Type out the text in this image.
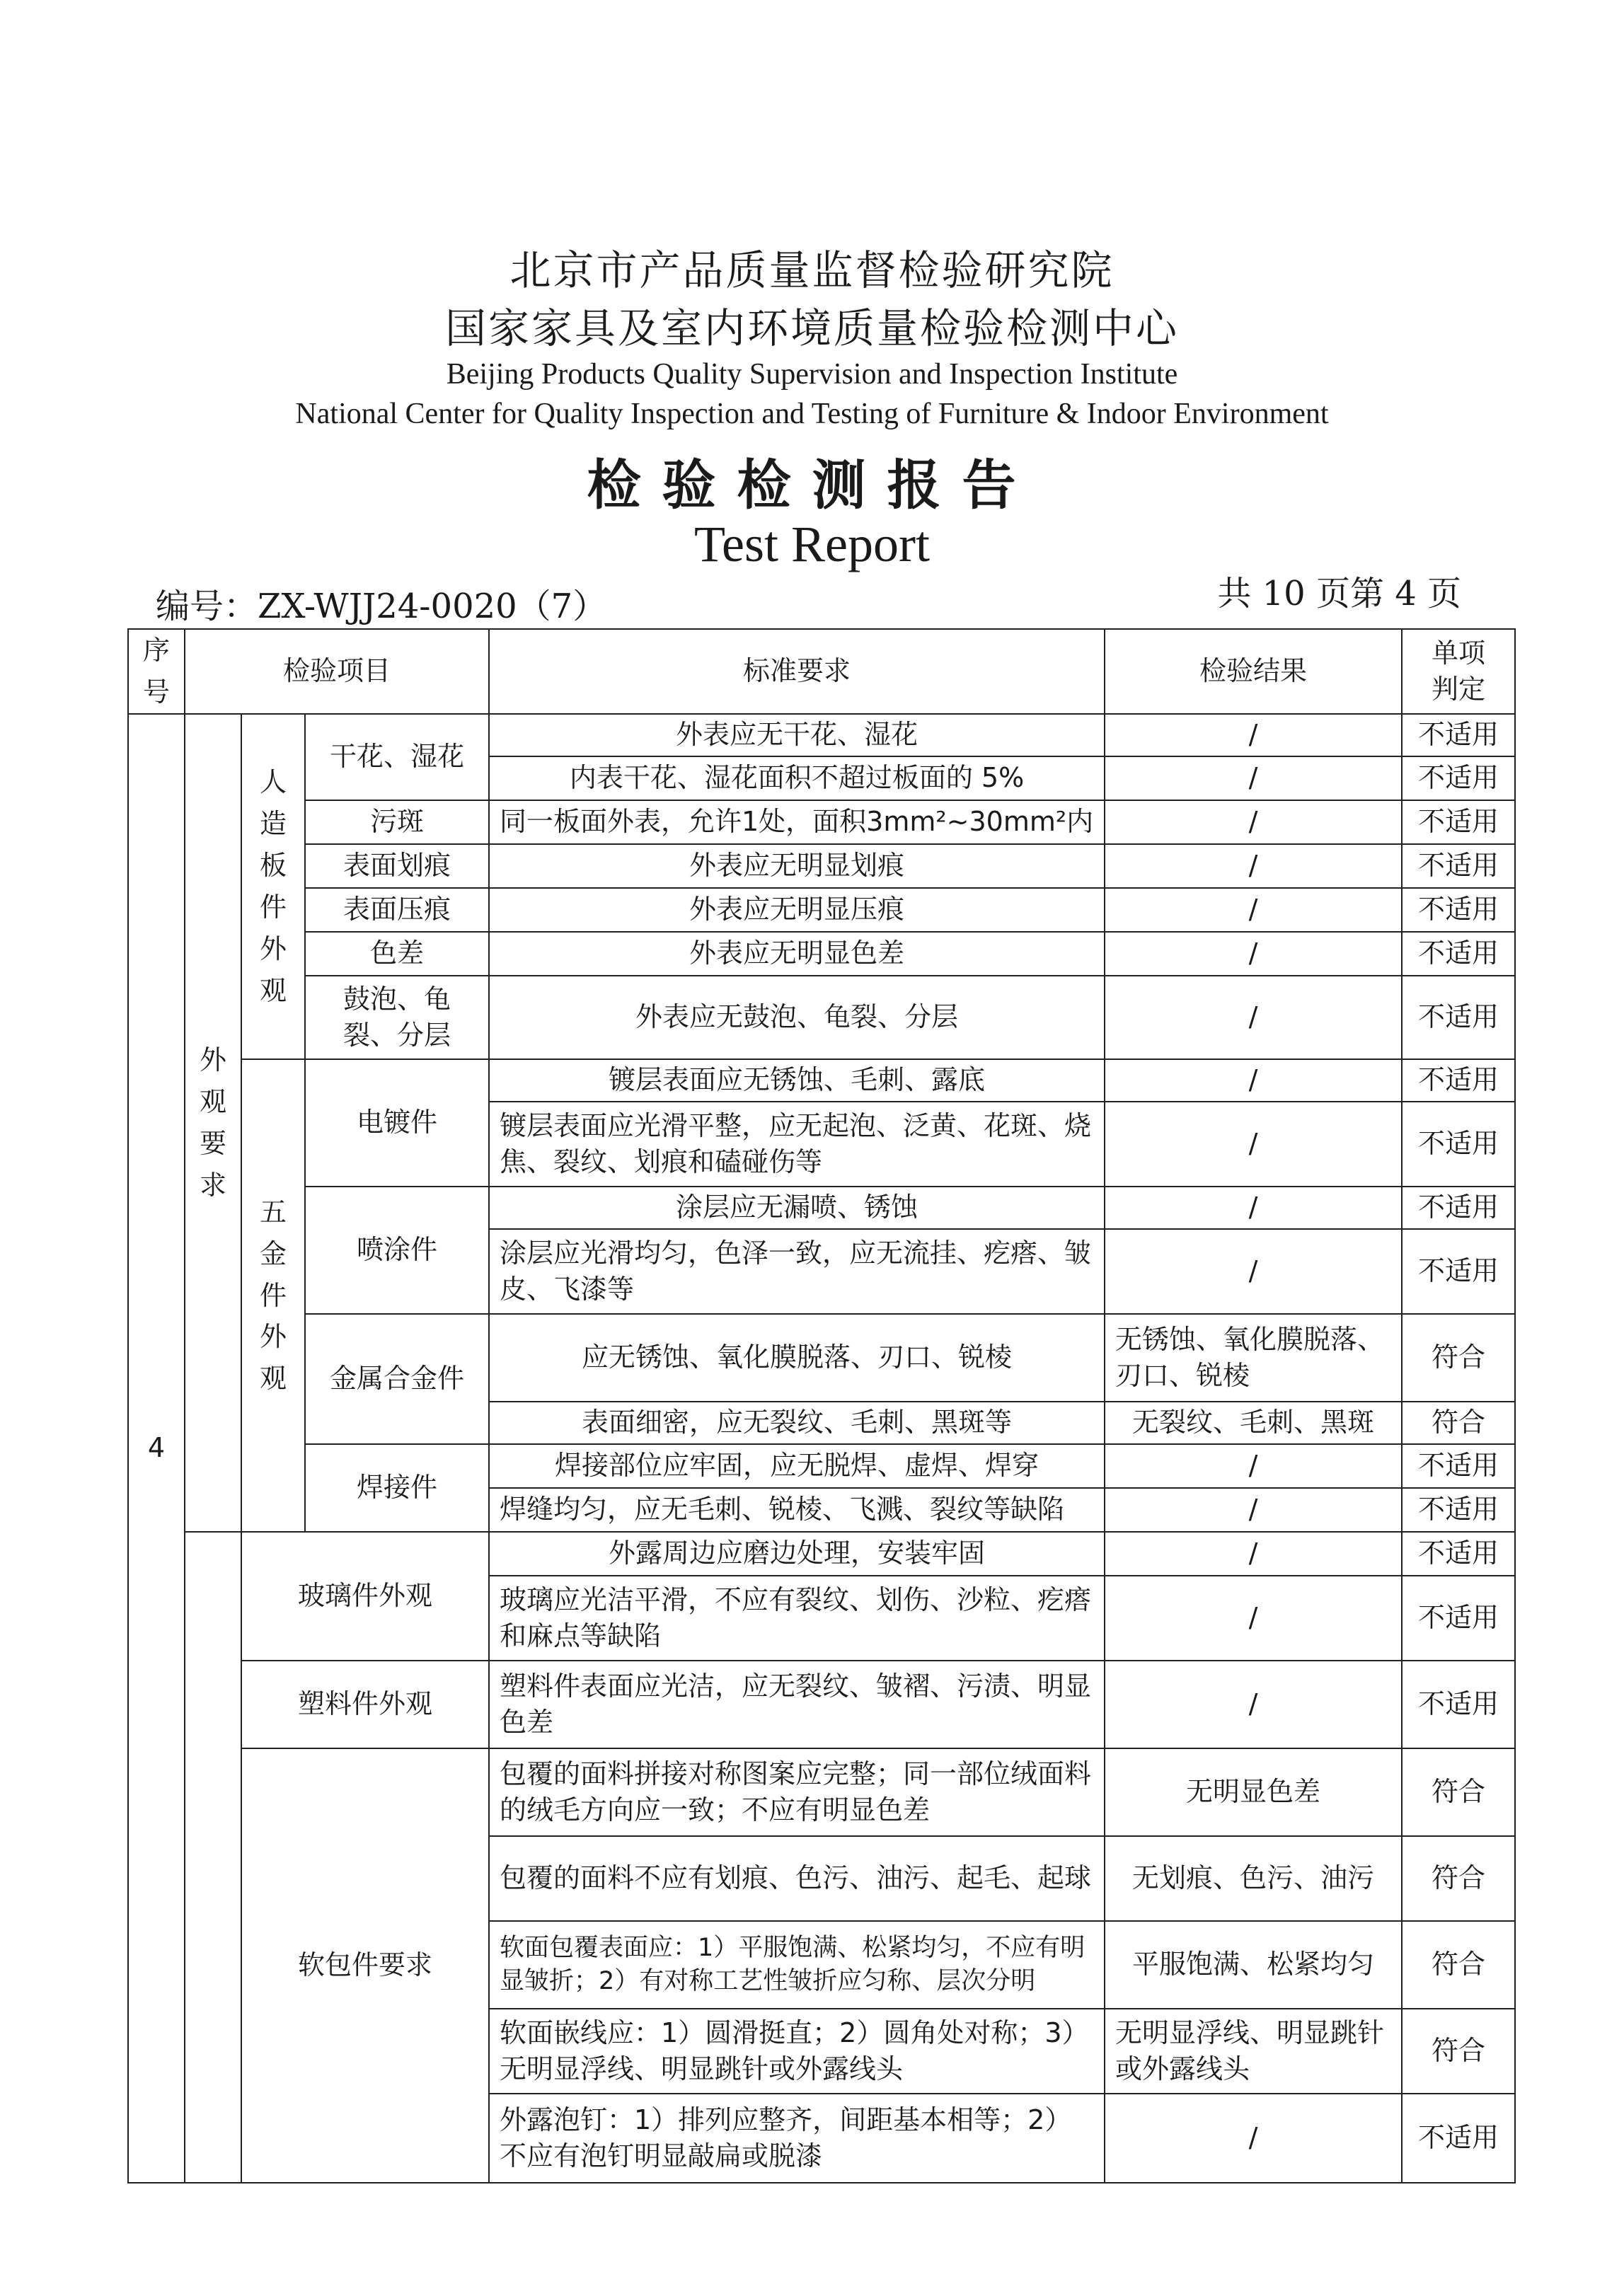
北京市产品质量监督检验研究院
国家家具及室内环境质量检验检测中心
Beijing Products Quality Supervision and Inspection Institute
National Center for Quality Inspection and Testing of Furniture & Indoor Environment
检验检测报告
Test Report
编号：ZX-WJJ24-0020（7）	共 10 页第 4 页
序号	检验项目			标准要求	检验结果	单项判定
4	外观要求	人造板件外观	干花、湿花	外表应无干花、湿花	/	不适用
				内表干花、湿花面积不超过板面的 5%	/	不适用
			污斑	同一板面外表，允许1处，面积3mm²~30mm²内	/	不适用
			表面划痕	外表应无明显划痕	/	不适用
			表面压痕	外表应无明显压痕	/	不适用
			色差	外表应无明显色差	/	不适用
			鼓泡、龟裂、分层	外表应无鼓泡、龟裂、分层	/	不适用

		五金件外观	电镀件	镀层表面应无锈蚀、毛刺、露底	/	不适用
				镀层表面应光滑平整，应无起泡、泛黄、花斑、烧焦、裂纹、划痕和磕碰伤等	/	不适用
			喷涂件	涂层应无漏喷、锈蚀	/	不适用
				涂层应光滑均匀，色泽一致，应无流挂、疙瘩、皱皮、飞漆等	/	不适用
			金属合金件	应无锈蚀、氧化膜脱落、刃口、锐棱	无锈蚀、氧化膜脱落、刃口、锐棱	符合
				表面细密，应无裂纹、毛刺、黑斑等	无裂纹、毛刺、黑斑	符合
			焊接件	焊接部位应牢固，应无脱焊、虚焊、焊穿	/	不适用
				焊缝均匀，应无毛刺、锐棱、飞溅、裂纹等缺陷	/	不适用
		玻璃件外观		外露周边应磨边处理，安装牢固	/	不适用
				玻璃应光洁平滑，不应有裂纹、划伤、沙粒、疙瘩和麻点等缺陷	/	不适用
		塑料件外观		塑料件表面应光洁，应无裂纹、皱褶、污渍、明显色差	/	不适用
		软包件要求		包覆的面料拼接对称图案应完整；同一部位绒面料的绒毛方向应一致；不应有明显色差	无明显色差	符合
				包覆的面料不应有划痕、色污、油污、起毛、起球	无划痕、色污、油污	符合
				软面包覆表面应：1）平服饱满、松紧均匀，不应有明显皱折；2）有对称工艺性皱折应匀称、层次分明	平服饱满、松紧均匀	符合
				软面嵌线应：1）圆滑挺直；2）圆角处对称；3）无明显浮线、明显跳针或外露线头	无明显浮线、明显跳针或外露线头	符合
				外露泡钉：1）排列应整齐，间距基本相等；2）不应有泡钉明显敲扁或脱漆	/	不适用
